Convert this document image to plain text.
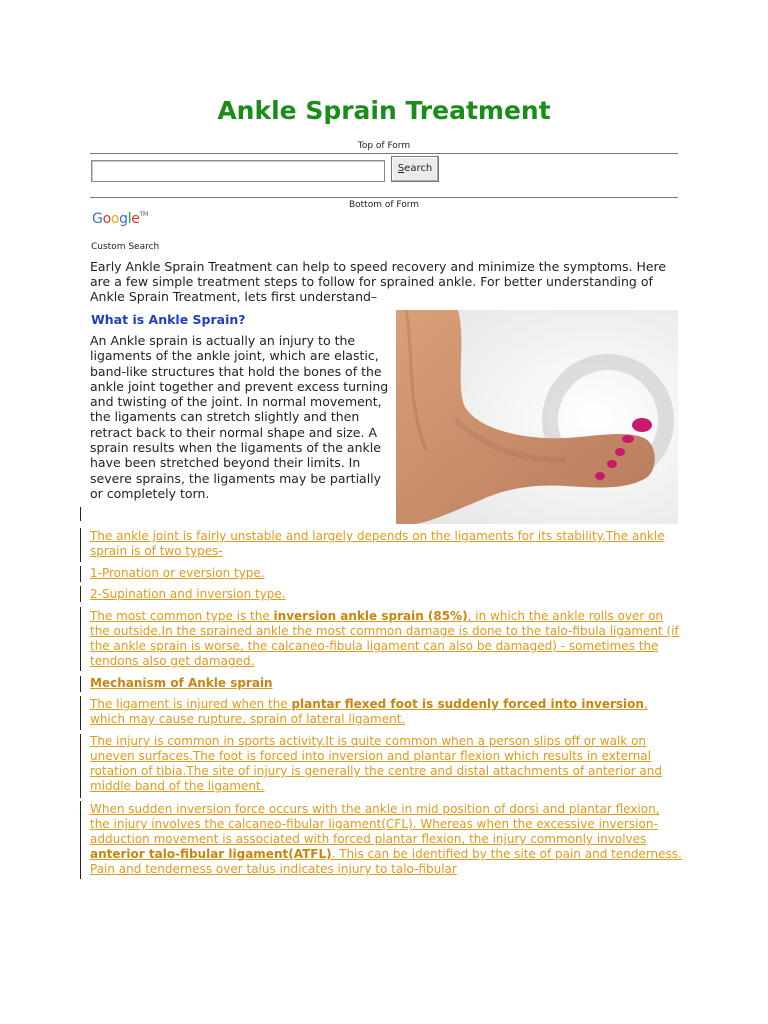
Ankle Sprain Treatment
Top of Form
Search
Bottom of Form
Google™
Custom Search
Early Ankle Sprain Treatment can help to speed recovery and minimize the symptoms. Here are a few simple treatment steps to follow for sprained ankle. For better understanding of Ankle Sprain Treatment, lets first understand–
What is Ankle Sprain?
An Ankle sprain is actually an injury to the ligaments of the ankle joint, which are elastic, band-like structures that hold the bones of the ankle joint together and prevent excess turning and twisting of the joint. In normal movement, the ligaments can stretch slightly and then retract back to their normal shape and size. A sprain results when the ligaments of the ankle have been stretched beyond their limits. In severe sprains, the ligaments may be partially or completely torn.
The ankle joint is fairly unstable and largely depends on the ligaments for its stability.The ankle sprain is of two types-
1-Pronation or eversion type.
2-Supination and inversion type.
The most common type is the inversion ankle sprain (85%), in which the ankle rolls over on the outside.In the sprained ankle the most common damage is done to the talo-fibula ligament (if the ankle sprain is worse, the calcaneo-fibula ligament can also be damaged) - sometimes the tendons also get damaged.
Mechanism of Ankle sprain
The ligament is injured when the plantar flexed foot is suddenly forced into inversion, which may cause rupture, sprain of lateral ligament.
The injury is common in sports activity.It is quite common when a person slips off or walk on uneven surfaces.The foot is forced into inversion and plantar flexion which results in external rotation of tibia.The site of injury is generally the centre and distal attachments of anterior and middle band of the ligament.
When sudden inversion force occurs with the ankle in mid position of dorsi and plantar flexion, the injury involves the calcaneo-fibular ligament(CFL). Whereas when the excessive inversion-adduction movement is associated with forced plantar flexion, the injury commonly involves anterior talo-fibular ligament(ATFL). This can be identified by the site of pain and tenderness. Pain and tenderness over talus indicates injury to talo-fibular
